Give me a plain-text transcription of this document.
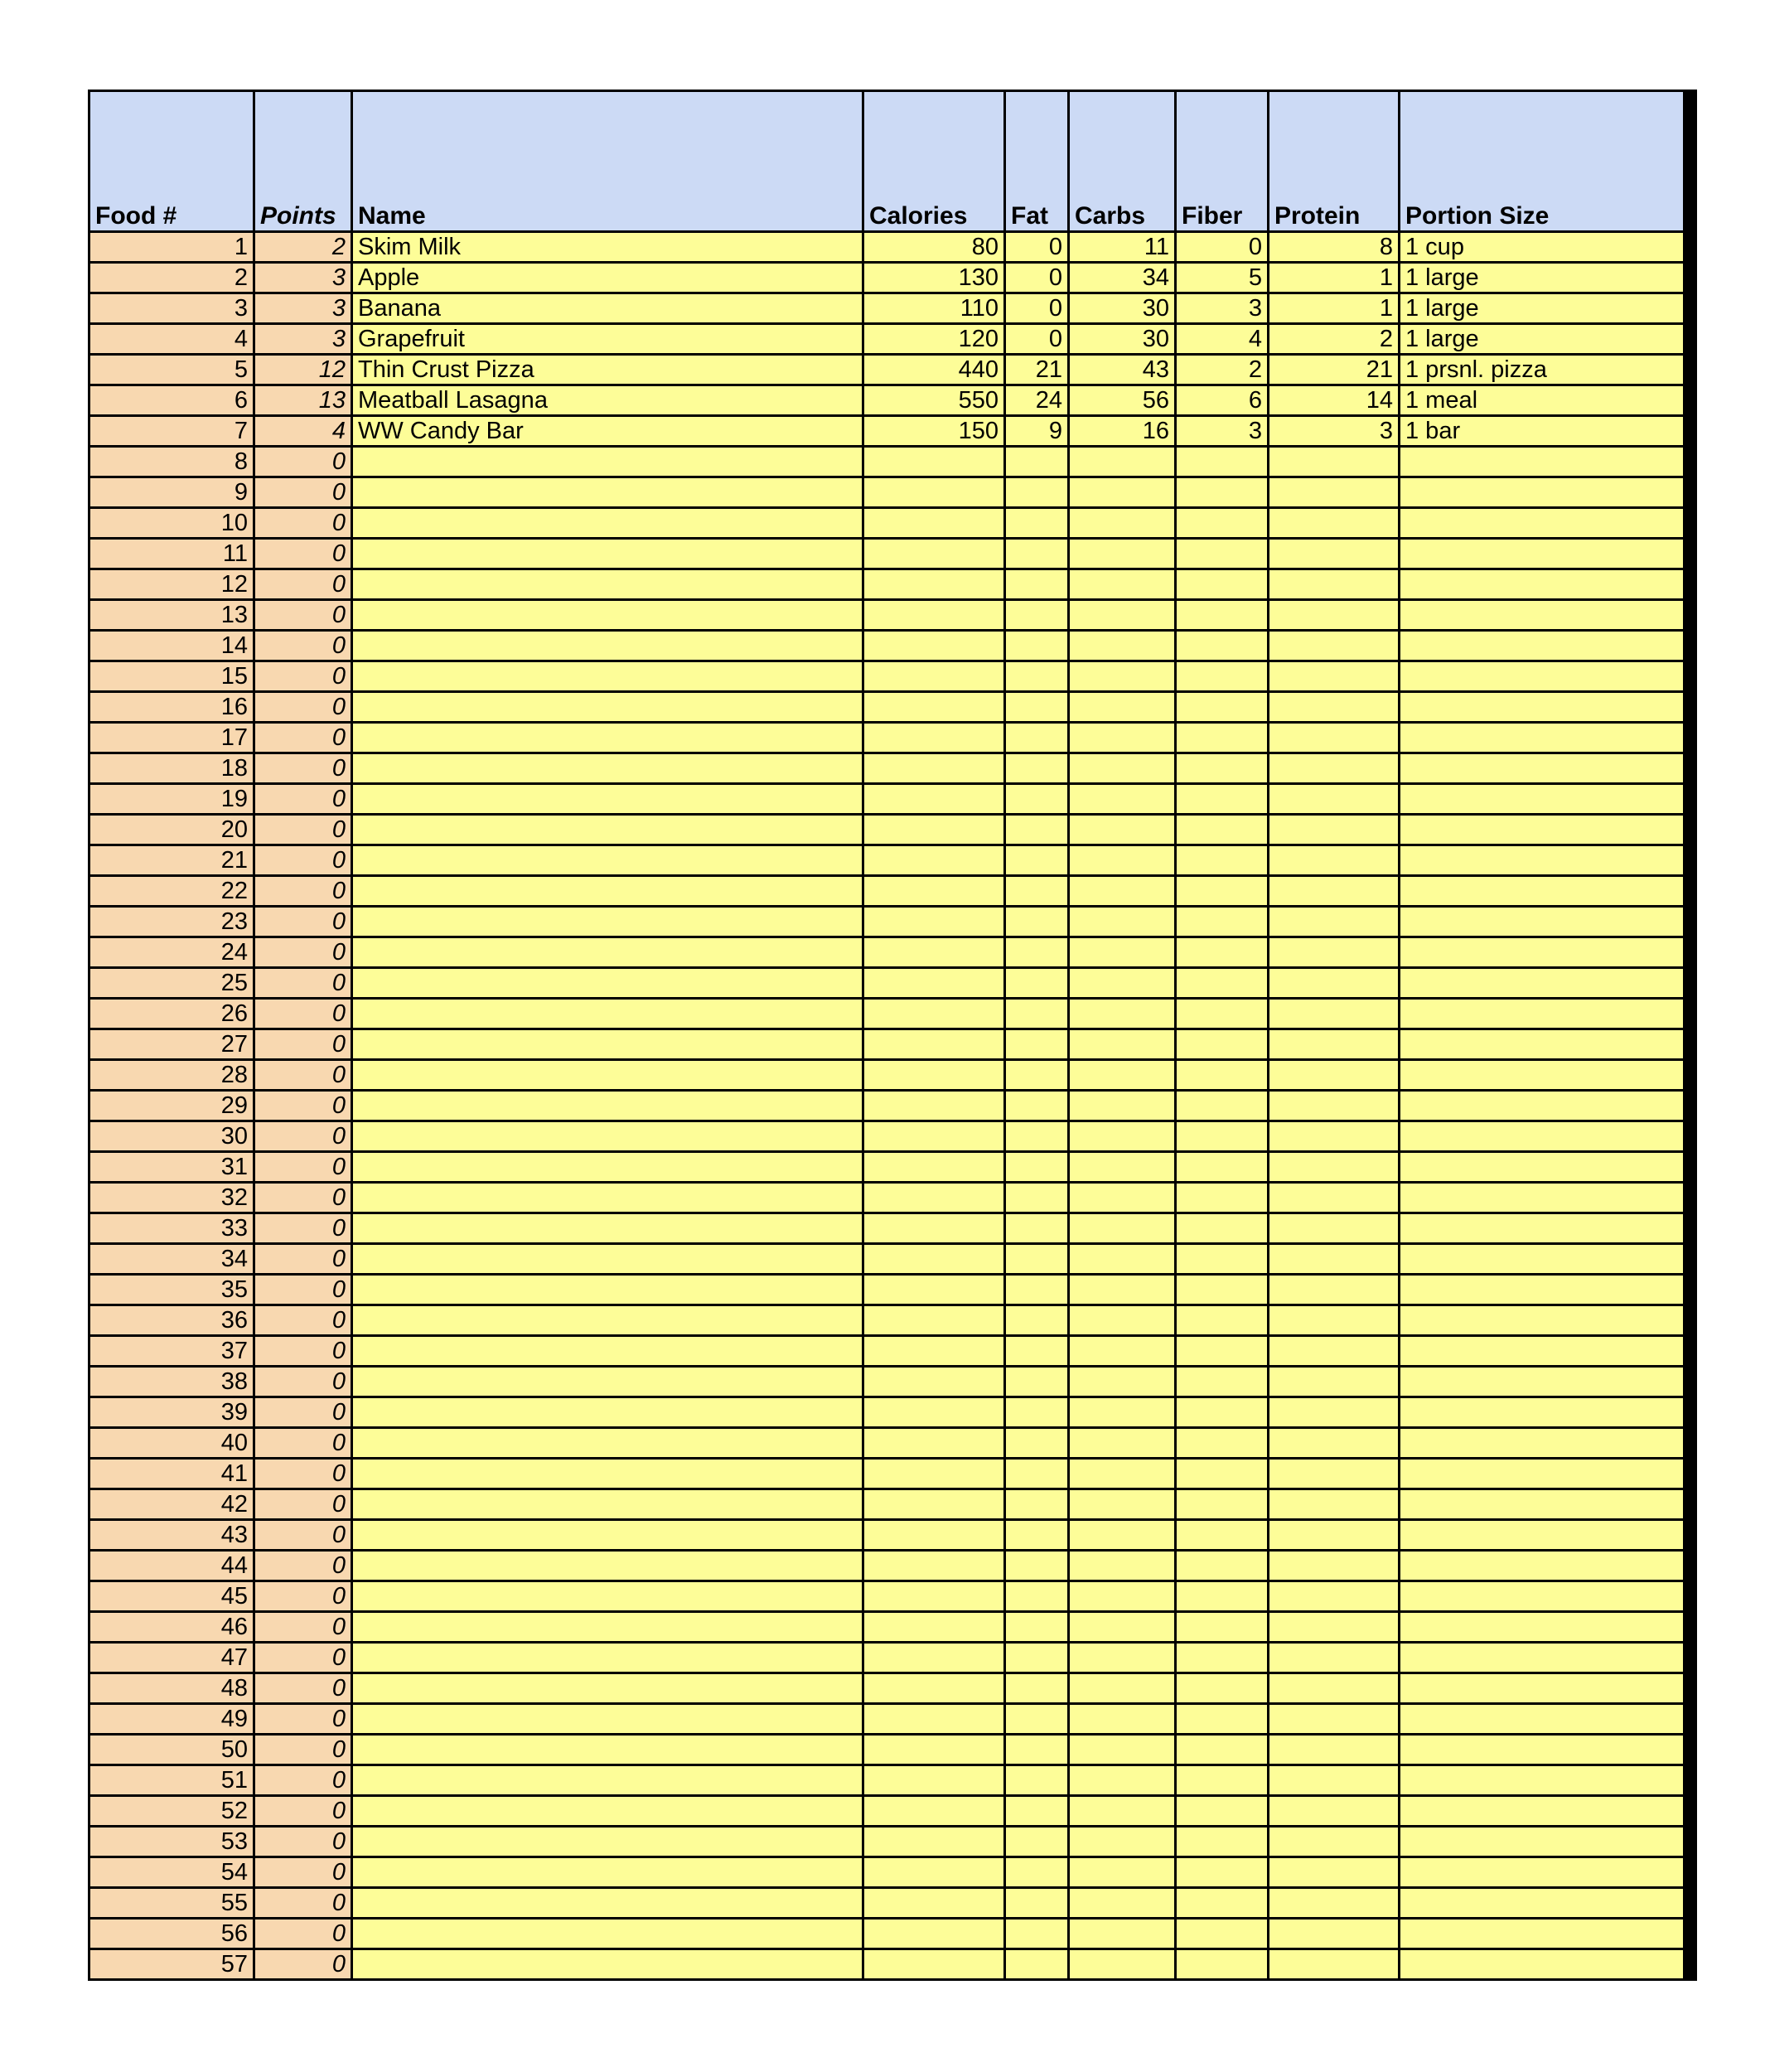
Food #	Points	Name	Calories	Fat	Carbs	Fiber	Protein	Portion Size
1	2	Skim Milk	80	0	11	0	8	1 cup
2	3	Apple	130	0	34	5	1	1 large
3	3	Banana	110	0	30	3	1	1 large
4	3	Grapefruit	120	0	30	4	2	1 large
5	12	Thin Crust Pizza	440	21	43	2	21	1 prsnl. pizza
6	13	Meatball Lasagna	550	24	56	6	14	1 meal
7	4	WW Candy Bar	150	9	16	3	3	1 bar
8	0							
9	0							
10	0							
11	0							
12	0							
13	0							
14	0							
15	0							
16	0							
17	0							
18	0							
19	0							
20	0							
21	0							
22	0							
23	0							
24	0							
25	0							
26	0							
27	0							
28	0							
29	0							
30	0							
31	0							
32	0							
33	0							
34	0							
35	0							
36	0							
37	0							
38	0							
39	0							
40	0							
41	0							
42	0							
43	0							
44	0							
45	0							
46	0							
47	0							
48	0							
49	0							
50	0							
51	0							
52	0							
53	0							
54	0							
55	0							
56	0							
57	0							
